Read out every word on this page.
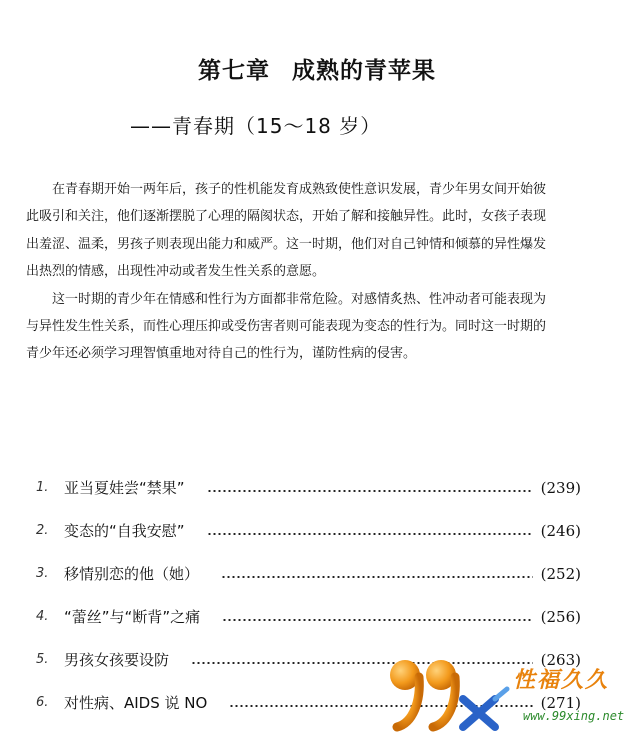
第七章 成熟的青苹果
——青春期（15～18 岁）

在青春期开始一两年后，孩子的性机能发育成熟致使性意识发展，青少年男女间开始彼此吸引和关注，他们逐渐摆脱了心理的隔阂状态，开始了解和接触异性。此时，女孩子表现出羞涩、温柔，男孩子则表现出能力和威严。这一时期，他们对自己钟情和倾慕的异性爆发出热烈的情感，出现性冲动或者发生性关系的意愿。

这一时期的青少年在情感和性行为方面都非常危险。对感情炙热、性冲动者可能表现为与异性发生性关系，而性心理压抑或受伤害者则可能表现为变态的性行为。同时这一时期的青少年还必须学习理智慎重地对待自己的性行为，谨防性病的侵害。

1.	亚当夏娃尝“禁果”	(239)
2.	变态的“自我安慰”	(246)
3.	移情别恋的他（她）	(252)
4.	“蕾丝”与“断背”之痛	(256)
5.	男孩女孩要设防	(263)
6.	对性病、AIDS 说 NO	(271)
性福久久
www.99xing.net
